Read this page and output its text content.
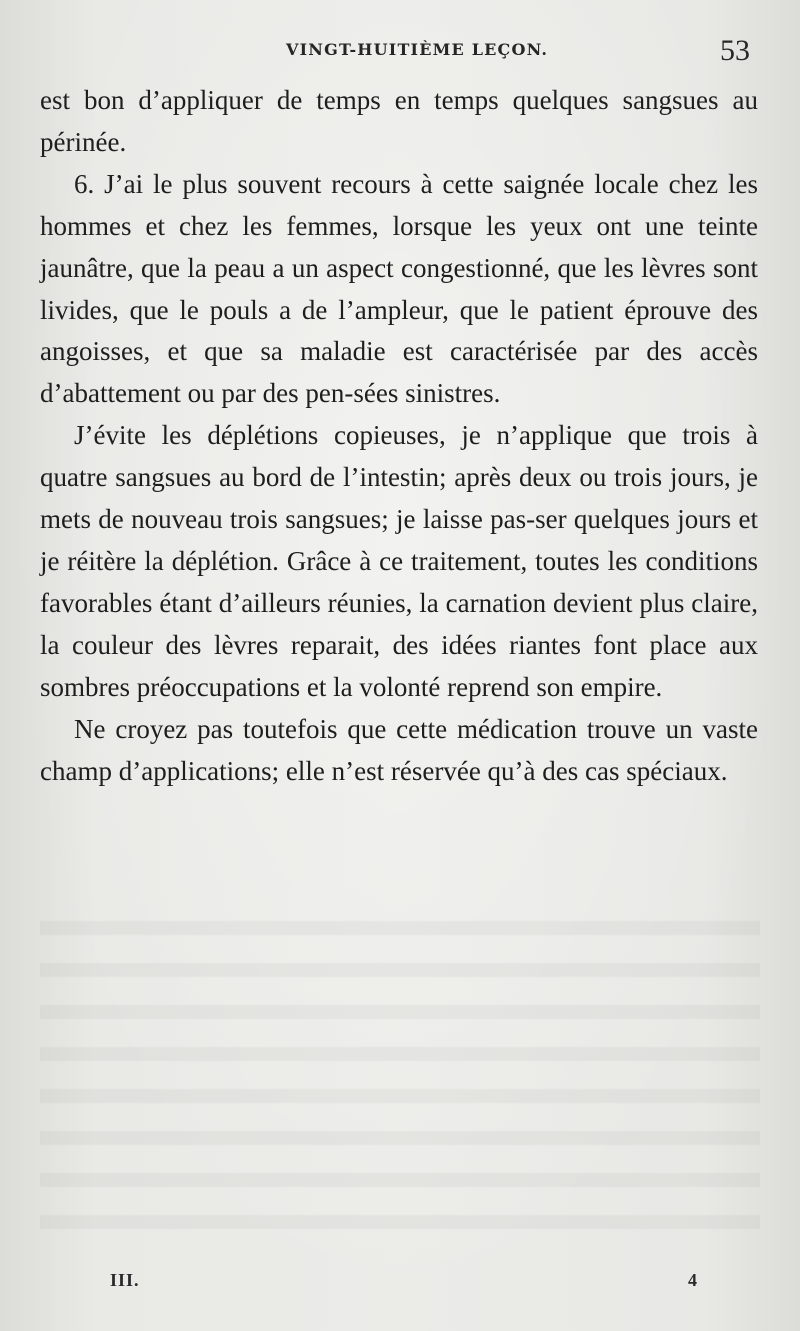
VINGT-HUITIÈME LEÇON.	53

est bon d’appliquer de temps en temps quelques sangsues au périnée.

6. J’ai le plus souvent recours à cette saignée locale chez les hommes et chez les femmes, lorsque les yeux ont une teinte jaunâtre, que la peau a un aspect congestionné, que les lèvres sont livides, que le pouls a de l’ampleur, que le patient éprouve des angoisses, et que sa maladie est caractérisée par des accès d’abattement ou par des pen-sées sinistres.

J’évite les déplétions copieuses, je n’applique que trois à quatre sangsues au bord de l’intestin; après deux ou trois jours, je mets de nouveau trois sangsues; je laisse pas-ser quelques jours et je réitère la déplétion. Grâce à ce traitement, toutes les conditions favorables étant d’ailleurs réunies, la carnation devient plus claire, la couleur des lèvres reparait, des idées riantes font place aux sombres préoccupations et la volonté reprend son empire.

Ne croyez pas toutefois que cette médication trouve un vaste champ d’applications; elle n’est réservée qu’à des cas spéciaux.

III.	4
